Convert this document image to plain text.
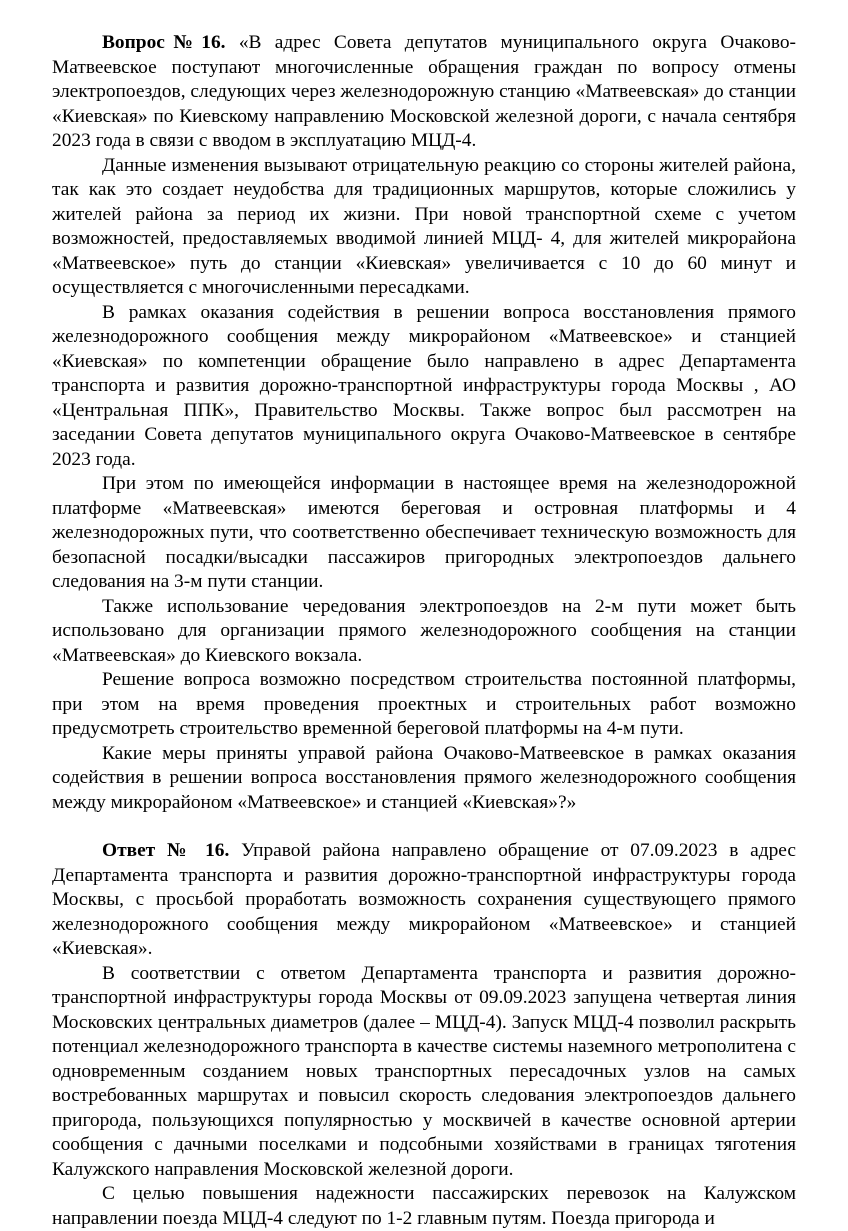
Вопрос№16. «В адрес Совета депутатов муниципального округа Очаково-Матвеевское поступают многочисленные обращения граждан по вопросу отмены электропоездов, следующих через железнодорожную станцию «Матвеевская» до станции «Киевская» по Киевскому направлению Московской железной дороги, с начала сентября 2023 года в связи с вводом в эксплуатацию МЦД-4.

Данные изменения вызывают отрицательную реакцию со стороны жителей района, так как это создает неудобства для традиционных маршрутов, которые сложились у жителей района за период их жизни. При новой транспортной схеме с учетом возможностей, предоставляемых вводимой линией МЦД- 4, для жителей микрорайона «Матвеевское» путь до станции «Киевская» увеличивается с 10 до 60 минут и осуществляется с многочисленными пересадками.

В рамках оказания содействия в решении вопроса восстановления прямого железнодорожного сообщения между микрорайоном «Матвеевское» и станцией «Киевская» по компетенции обращение было направлено в адрес Департамента транспорта и развития дорожно-транспортной инфраструктуры города Москвы , АО «Центральная ППК», Правительство Москвы. Также вопрос был рассмотрен на заседании Совета депутатов муниципального округа Очаково-Матвеевское в сентябре 2023 года.

При этом по имеющейся информации в настоящее время на железнодорожной платформе «Матвеевская» имеются береговая и островная платформы и 4 железнодорожных пути, что соответственно обеспечивает техническую возможность для безопасной посадки/высадки пассажиров пригородных электропоездов дальнего следования на 3-м пути станции.

Также использование чередования электропоездов на 2-м пути может быть использовано для организации прямого железнодорожного сообщения на станции «Матвеевская» до Киевского вокзала.

Решение вопроса возможно посредством строительства постоянной платформы, при этом на время проведения проектных и строительных работ возможно предусмотреть строительство временной береговой платформы на 4-м пути.

Какие меры приняты управой района Очаково-Матвеевское в рамках оказания содействия в решении вопроса восстановления прямого железнодорожного сообщения между микрорайоном «Матвеевское» и станцией «Киевская»?»

Ответ № 16. Управой района направлено обращение от 07.09.2023 в адрес Департамента транспорта и развития дорожно-транспортной инфраструктуры города Москвы, с просьбой проработать возможность сохранения существующего прямого железнодорожного сообщения между микрорайоном «Матвеевское» и станцией «Киевская».

В соответствии с ответом Департамента транспорта и развития дорожно-транспортной инфраструктуры города Москвы от 09.09.2023 запущена четвертая линия Московских центральных диаметров (далее – МЦД-4). Запуск МЦД-4 позволил раскрыть потенциал железнодорожного транспорта в качестве системы наземного метрополитена с одновременным созданием новых транспортных пересадочных узлов на самых востребованных маршрутах и повысил скорость следования электропоездов дальнего пригорода, пользующихся популярностью у москвичей в качестве основной артерии сообщения с дачными поселками и подсобными хозяйствами в границах тяготения Калужского направления Московской железной дороги.

С целью повышения надежности пассажирских перевозок на Калужском направлении поезда МЦД-4 следуют по 1-2 главным путям. Поезда пригорода и
